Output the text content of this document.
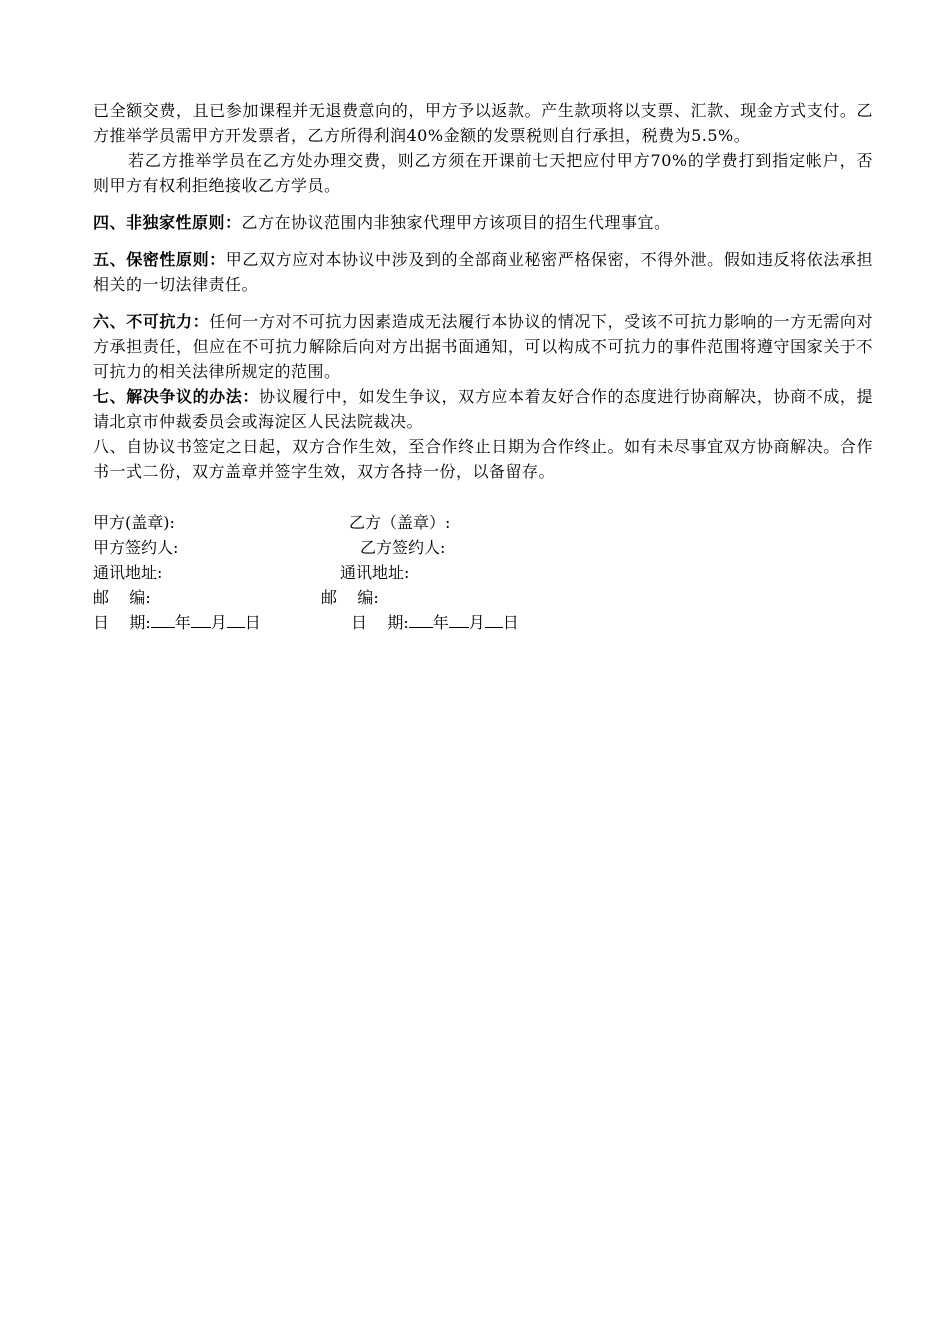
已全额交费，且已参加课程并无退费意向的，甲方予以返款。产生款项将以支票、汇款、现金方式支付。乙方推举学员需甲方开发票者，乙方所得利润40%金额的发票税则自行承担，税费为5.5%。

若乙方推举学员在乙方处办理交费，则乙方须在开课前七天把应付甲方70%的学费打到指定帐户，否则甲方有权利拒绝接收乙方学员。

四、非独家性原则：乙方在协议范围内非独家代理甲方该项目的招生代理事宜。

五、保密性原则：甲乙双方应对本协议中涉及到的全部商业秘密严格保密，不得外泄。假如违反将依法承担相关的一切法律责任。

六、不可抗力：任何一方对不可抗力因素造成无法履行本协议的情况下，受该不可抗力影响的一方无需向对方承担责任，但应在不可抗力解除后向对方出据书面通知，可以构成不可抗力的事件范围将遵守国家关于不可抗力的相关法律所规定的范围。

七、解决争议的办法：协议履行中，如发生争议，双方应本着友好合作的态度进行协商解决，协商不成，提请北京市仲裁委员会或海淀区人民法院裁决。

八、自协议书签定之日起，双方合作生效，至合作终止日期为合作终止。如有未尽事宜双方协商解决。合作书一式二份，双方盖章并签字生效，双方各持一份，以备留存。

甲方(盖章):	乙方（盖章）:
甲方签约人:	乙方签约人:
通讯地址:	通讯地址:
邮    编:	邮    编:
日    期: 年 月 日	日    期: 年 月 日
